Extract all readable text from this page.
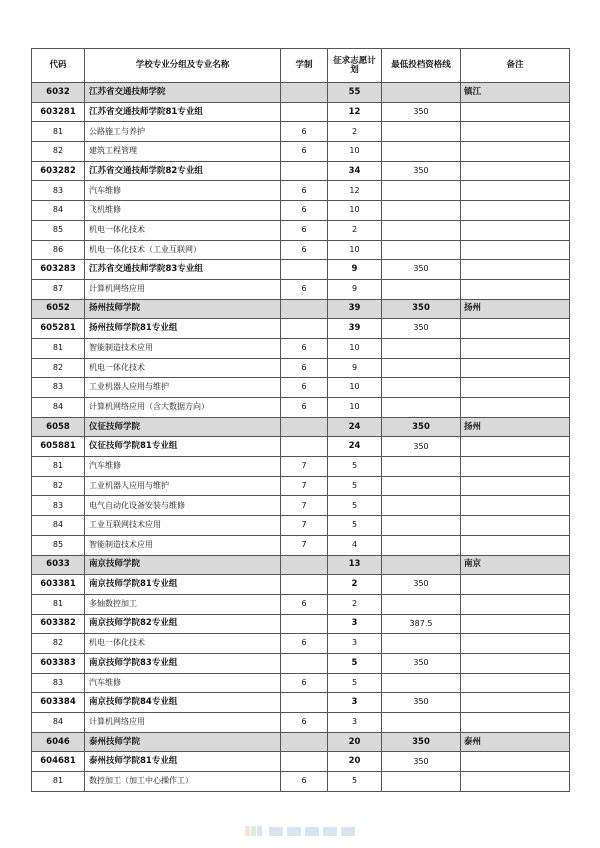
代码	学校专业分组及专业名称	学制	征求志愿计划	最低投档资格线	备注
6032	江苏省交通技师学院		55		镇江
603281	江苏省交通技师学院81专业组		12	350	
81	公路施工与养护	6	2		
82	建筑工程管理	6	10		
603282	江苏省交通技师学院82专业组		34	350	
83	汽车维修	6	12		
84	飞机维修	6	10		
85	机电一体化技术	6	2		
86	机电一体化技术（工业互联网）	6	10		
603283	江苏省交通技师学院83专业组		9	350	
87	计算机网络应用	6	9		
6052	扬州技师学院		39	350	扬州
605281	扬州技师学院81专业组		39	350	
81	智能制造技术应用	6	10		
82	机电一体化技术	6	9		
83	工业机器人应用与维护	6	10		
84	计算机网络应用（含大数据方向）	6	10		
6058	仪征技师学院		24	350	扬州
605881	仪征技师学院81专业组		24	350	
81	汽车维修	7	5		
82	工业机器人应用与维护	7	5		
83	电气自动化设备安装与维修	7	5		
84	工业互联网技术应用	7	5		
85	智能制造技术应用	7	4		
6033	南京技师学院		13		南京
603381	南京技师学院81专业组		2	350	
81	多轴数控加工	6	2		
603382	南京技师学院82专业组		3	387.5	
82	机电一体化技术	6	3		
603383	南京技师学院83专业组		5	350	
83	汽车维修	6	5		
603384	南京技师学院84专业组		3	350	
84	计算机网络应用	6	3		
6046	泰州技师学院		20	350	泰州
604681	泰州技师学院81专业组		20	350	
81	数控加工（加工中心操作工）	6	5		
